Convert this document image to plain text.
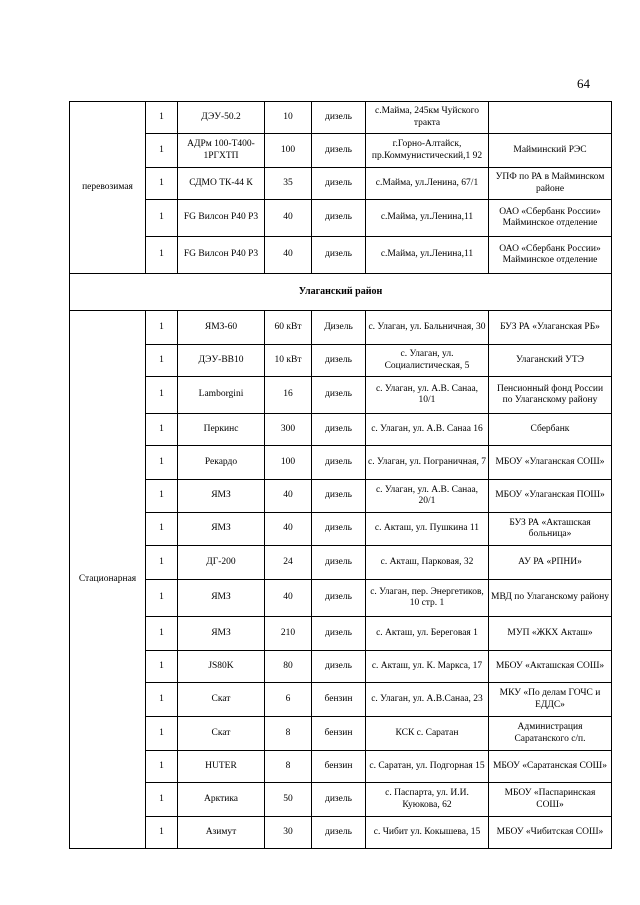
64
перевозимая	1	ДЭУ-50.2	10	дизель	с.Майма, 245км Чуйского тракта	
	1	АДРм 100-Т400-1РГХТП	100	дизель	г.Горно-Алтайск, пр.Коммунистический,1 92	Майминский РЭС
	1	СДМО ТК-44 К	35	дизель	с.Майма, ул.Ленина, 67/1	УПФ по РА в Майминском районе
	1	FG Вилсон Р40 Р3	40	дизель	с.Майма, ул.Ленина,11	ОАО «Сбербанк России» Майминское отделение
	1	FG Вилсон Р40 Р3	40	дизель	с.Майма, ул.Ленина,11	ОАО «Сбербанк России» Майминское отделение
Улаганский район						
Стационарная	1	ЯМЗ-60	60 кВт	Дизель	с. Улаган, ул. Бальничная, 30	БУЗ РА «Улаганская РБ»
	1	ДЭУ-ВВ10	10 кВт	дизель	с. Улаган, ул. Социалистическая, 5	Улаганский УТЭ
	1	Lamborgini	16	дизель	с. Улаган, ул. А.В. Санаа, 10/1	Пенсионный фонд России по Улаганскому району
	1	Перкинс	300	дизель	с. Улаган, ул. А.В. Санаа 16	Сбербанк
	1	Рекардо	100	дизель	с. Улаган, ул. Пограничная, 7	МБОУ «Улаганская СОШ»
	1	ЯМЗ	40	дизель	с. Улаган, ул. А.В. Санаа, 20/1	МБОУ «Улаганская ПОШ»
	1	ЯМЗ	40	дизель	с. Акташ, ул. Пушкина 11	БУЗ РА «Акташская больница»
	1	ДГ-200	24	дизель	с. Акташ, Парковая, 32	АУ РА «РПНИ»
	1	ЯМЗ	40	дизель	с. Улаган, пер. Энергетиков, 10 стр. 1	МВД по Улаганскому району
	1	ЯМЗ	210	дизель	с. Акташ, ул. Береговая 1	МУП «ЖКХ Акташ»
	1	JS80K	80	дизель	с. Акташ, ул. К. Маркса, 17	МБОУ «Акташская СОШ»
	1	Скат	6	бензин	с. Улаган, ул. А.В.Санаа, 23	МКУ «По делам ГОЧС и ЕДДС»
	1	Скат	8	бензин	КСК с. Саратан	Администрация Саратанского с/п.
	1	HUTER	8	бензин	с. Саратан, ул. Подгорная 15	МБОУ «Саратанская СОШ»
	1	Арктика	50	дизель	с. Паспарта, ул. И.И. Куюкова, 62	МБОУ «Паспаринская СОШ»
	1	Азимут	30	дизель	с. Чибит ул. Кокышева, 15	МБОУ «Чибитская СОШ»
